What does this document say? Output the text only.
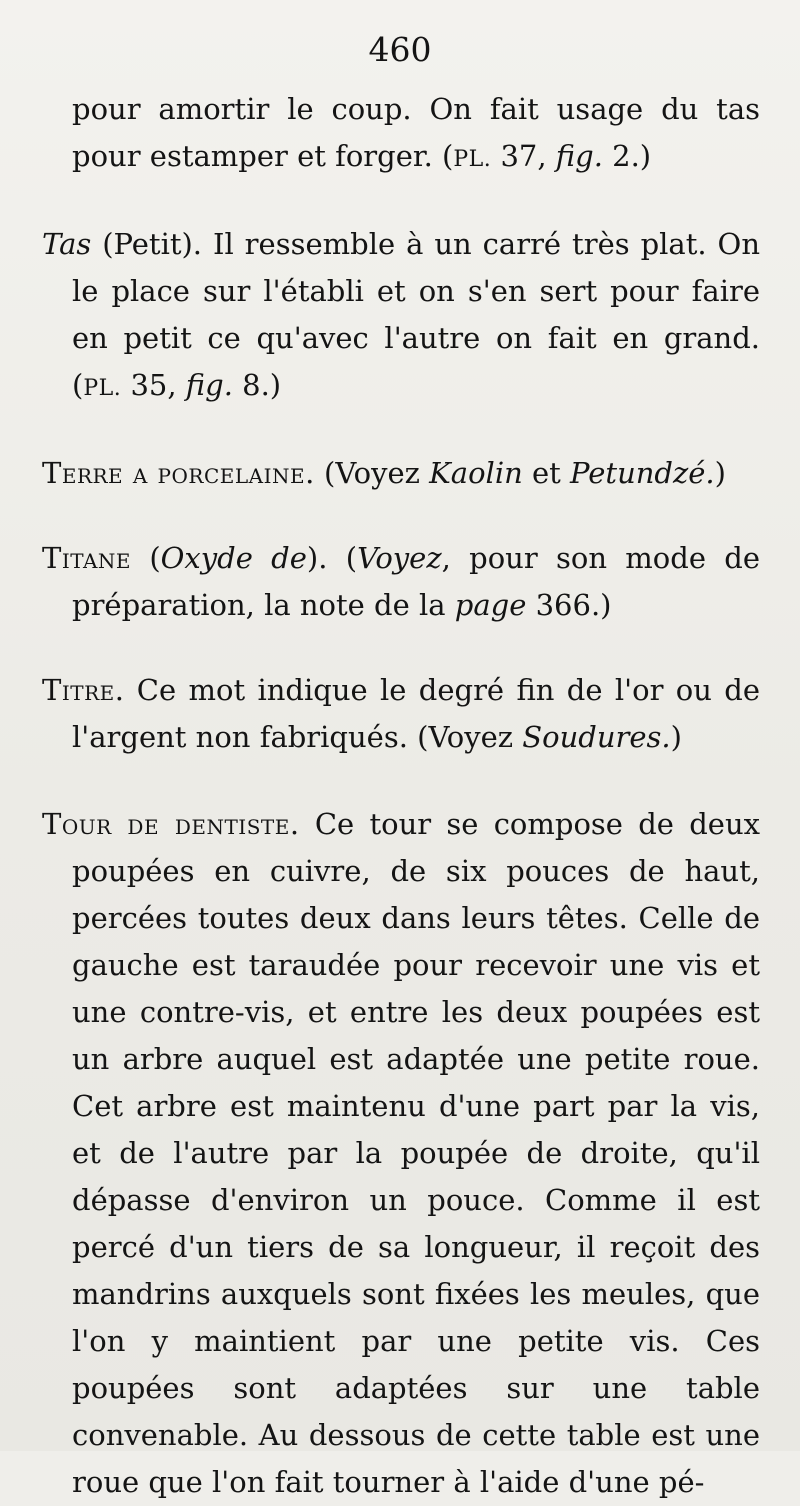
460

pour amortir le coup. On fait usage du tas pour estamper et forger. (PL. 37, fig. 2.)

Tas (Petit). Il ressemble à un carré très plat. On le place sur l'établi et on s'en sert pour faire en petit ce qu'avec l'autre on fait en grand. (PL. 35, fig. 8.)

Terre a porcelaine. (Voyez Kaolin et Petundzé.)

Titane (Oxyde de). (Voyez, pour son mode de préparation, la note de la page 366.)

Titre. Ce mot indique le degré fin de l'or ou de l'argent non fabriqués. (Voyez Soudures.)

Tour de dentiste. Ce tour se compose de deux poupées en cuivre, de six pouces de haut, percées toutes deux dans leurs têtes. Celle de gauche est taraudée pour recevoir une vis et une contre-vis, et entre les deux poupées est un arbre auquel est adaptée une petite roue. Cet arbre est maintenu d'une part par la vis, et de l'autre par la poupée de droite, qu'il dépasse d'environ un pouce. Comme il est percé d'un tiers de sa longueur, il reçoit des mandrins auxquels sont fixées les meules, que l'on y maintient par une petite vis. Ces poupées sont adaptées sur une table convenable. Au dessous de cette table est une roue que l'on fait tourner à l'aide d'une pé-
